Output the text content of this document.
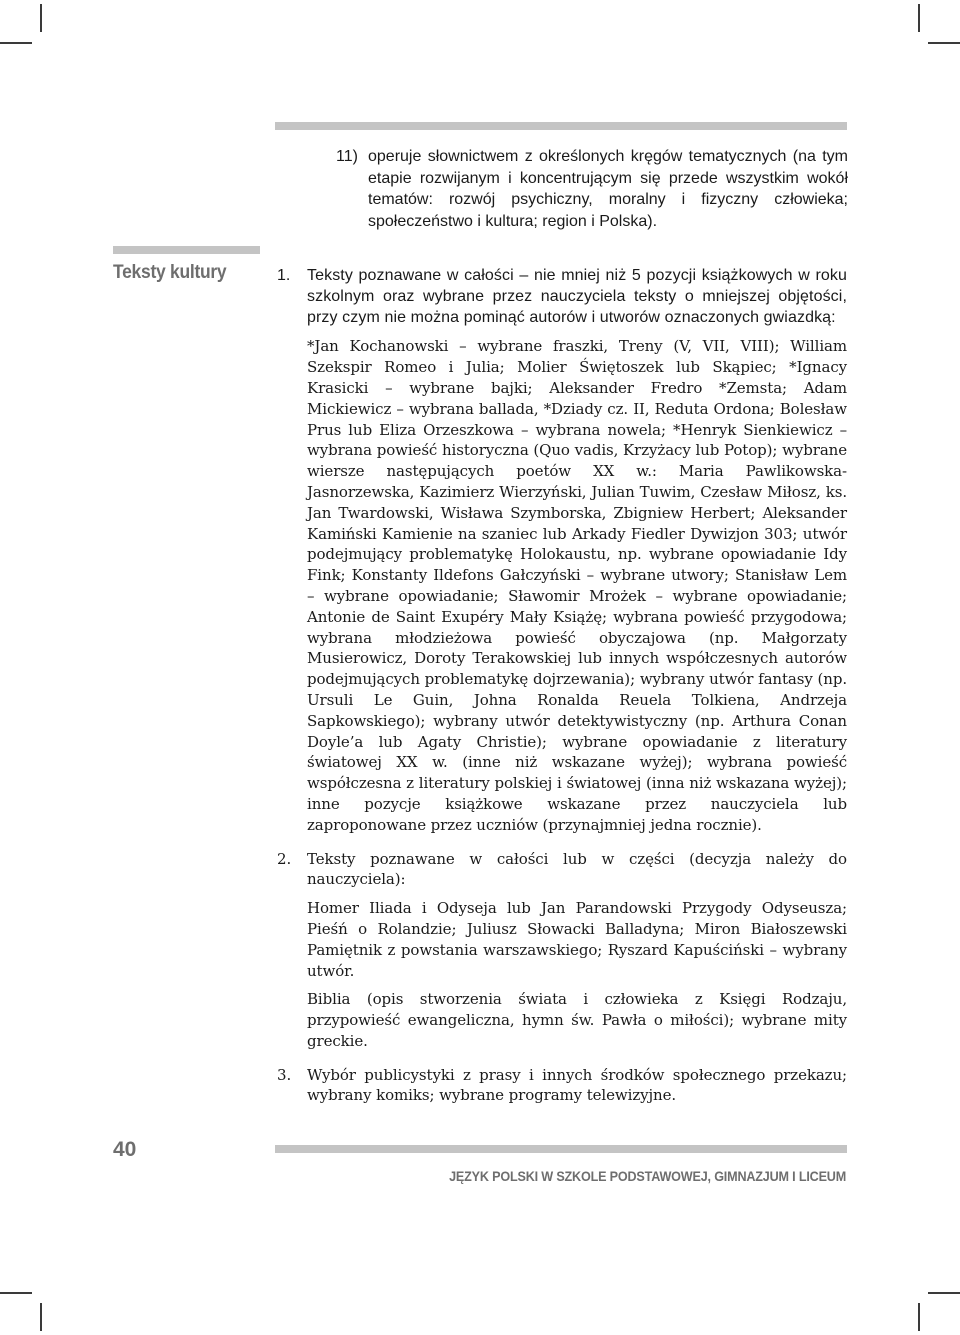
11) operuje słownictwem z określonych kręgów tematycznych (na tym etapie rozwijanym i koncentrującym się przede wszystkim wokół tematów: rozwój psychiczny, moralny i fizyczny człowieka; społeczeństwo i kultura; region i Polska).
Teksty kultury	1. Teksty poznawane w całości – nie mniej niż 5 pozycji książkowych w roku szkolnym oraz wybrane przez nauczyciela teksty o mniejszej objętości, przy czym nie można pominąć autorów i utworów oznaczonych gwiazdką:

*Jan Kochanowski – wybrane fraszki, Treny (V, VII, VIII); William Szekspir Romeo i Julia; Molier Świętoszek lub Skąpiec; *Ignacy Krasicki – wybrane bajki; Aleksander Fredro *Zemsta; Adam Mickiewicz – wybrana ballada, *Dziady cz. II, Reduta Ordona; Bolesław Prus lub Eliza Orzeszkowa – wybrana nowela; *Henryk Sienkiewicz – wybrana powieść historyczna (Quo vadis, Krzyżacy lub Potop); wybrane wiersze następujących poetów XX w.: Maria Pawlikowska-Jasnorzewska, Kazimierz Wierzyński, Julian Tuwim, Czesław Miłosz, ks. Jan Twardowski, Wisława Szymborska, Zbigniew Herbert; Aleksander Kamiński Kamienie na szaniec lub Arkady Fiedler Dywizjon 303; utwór podejmujący problematykę Holokaustu, np. wybrane opowiadanie Idy Fink; Konstanty Ildefons Gałczyński – wybrane utwory; Stanisław Lem – wybrane opowiadanie; Sławomir Mrożek – wybrane opowiadanie; Antonie de Saint Exupéry Mały Książę; wybrana powieść przygodowa; wybrana młodzieżowa powieść obyczajowa (np. Małgorzaty Musierowicz, Doroty Terakowskiej lub innych współczesnych autorów podejmujących problematykę dojrzewania); wybrany utwór fantasy (np. Ursuli Le Guin, Johna Ronalda Reuela Tolkiena, Andrzeja Sapkowskiego); wybrany utwór detektywistyczny (np. Arthura Conan Doyle’a lub Agaty Christie); wybrane opowiadanie z literatury światowej XX w. (inne niż wskazane wyżej); wybrana powieść współczesna z literatury polskiej i światowej (inna niż wskazana wyżej); inne pozycje książkowe wskazane przez nauczyciela lub zaproponowane przez uczniów (przynajmniej jedna rocznie).

2. Teksty poznawane w całości lub w części (decyzja należy do nauczyciela):

Homer Iliada i Odyseja lub Jan Parandowski Przygody Odyseusza; Pieśń o Rolandzie; Juliusz Słowacki Balladyna; Miron Białoszewski Pamiętnik z powstania warszawskiego; Ryszard Kapuściński – wybrany utwór.

Biblia (opis stworzenia świata i człowieka z Księgi Rodzaju, przypowieść ewangeliczna, hymn św. Pawła o miłości); wybrane mity greckie.

3. Wybór publicystyki z prasy i innych środków społecznego przekazu; wybrany komiks; wybrane programy telewizyjne.

40
JĘZYK POLSKI W SZKOLE PODSTAWOWEJ, GIMNAZJUM I LICEUM
